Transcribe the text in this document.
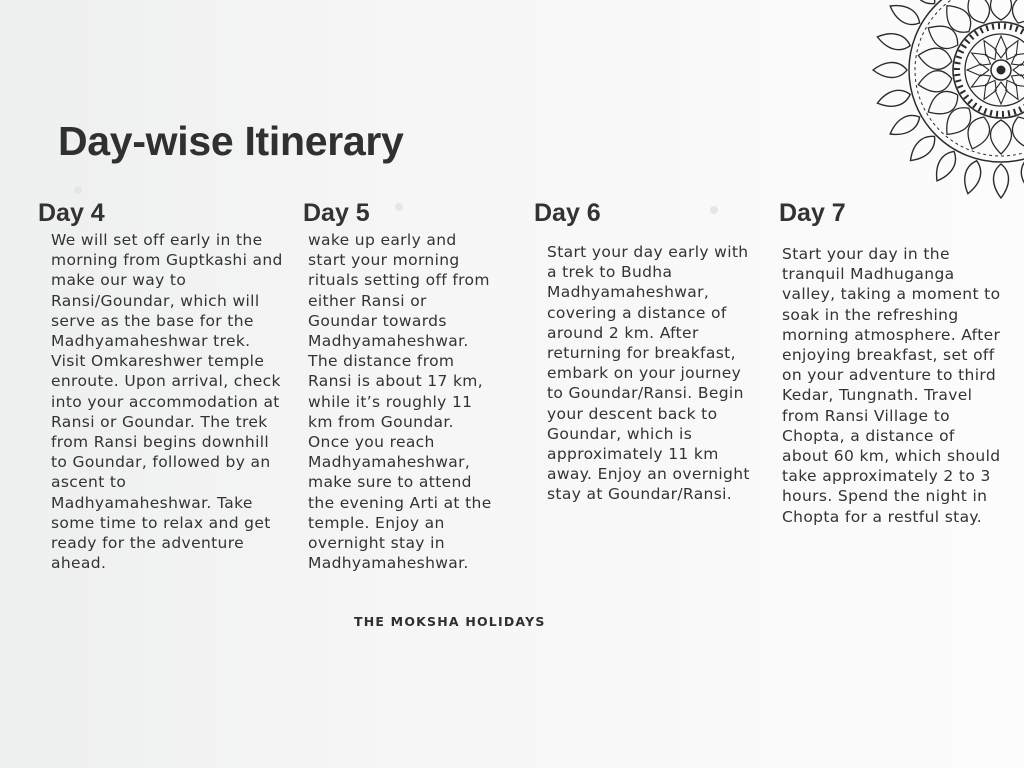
Day-wise Itinerary
Day 4

We will set off early in the morning from Guptkashi and make our way to Ransi/Goundar, which will serve as the base for the Madhyamaheshwar trek. Visit Omkareshwer temple enroute. Upon arrival, check into your accommodation at Ransi or Goundar. The trek from Ransi begins downhill to Goundar, followed by an ascent to Madhyamaheshwar. Take some time to relax and get ready for the adventure ahead.

Day 5

wake up early and start your morning rituals setting off from either Ransi or Goundar towards Madhyamaheshwar. The distance from Ransi is about 17 km, while it’s roughly 11 km from Goundar. Once you reach Madhyamaheshwar, make sure to attend the evening Arti at the temple. Enjoy an overnight stay in Madhyamaheshwar.

Day 6

Start your day early with a trek to Budha Madhyamaheshwar, covering a distance of around 2 km. After returning for breakfast, embark on your journey to Goundar/Ransi. Begin your descent back to Goundar, which is approximately 11 km away. Enjoy an overnight stay at Goundar/Ransi.

Day 7

Start your day in the tranquil Madhuganga valley, taking a moment to soak in the refreshing morning atmosphere. After enjoying breakfast, set off on your adventure to third Kedar, Tungnath. Travel from Ransi Village to Chopta, a distance of about 60 km, which should take approximately 2 to 3 hours. Spend the night in Chopta for a restful stay.

THE MOKSHA HOLIDAYS
